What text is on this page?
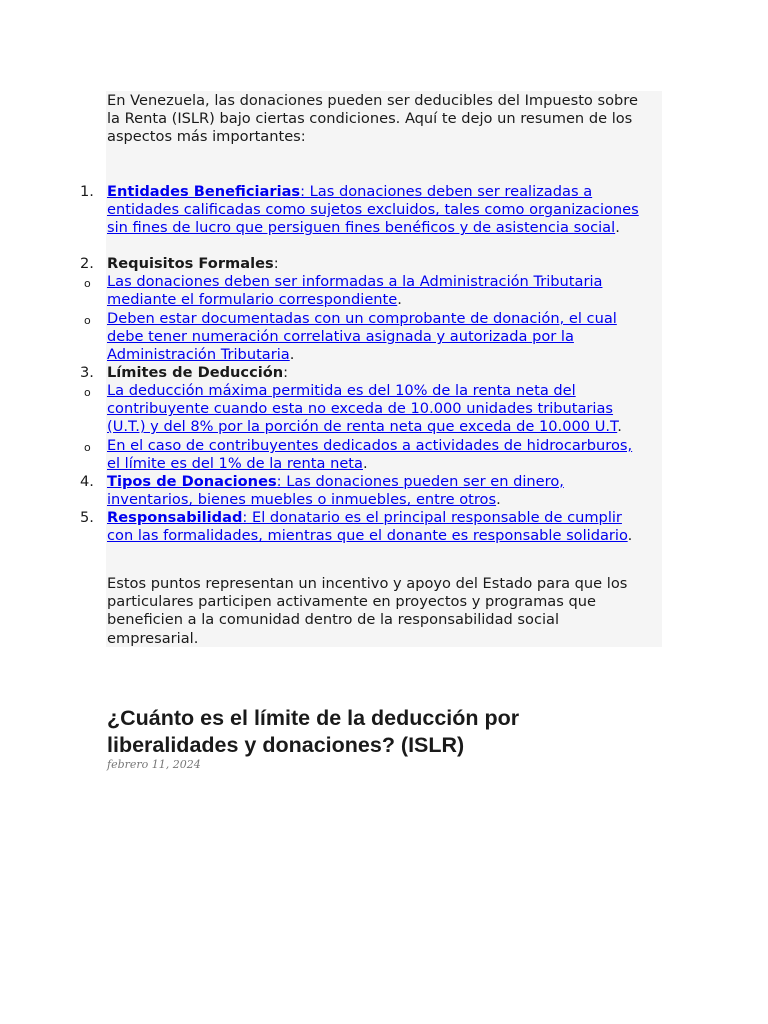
En Venezuela, las donaciones pueden ser deducibles del Impuesto sobre
la Renta (ISLR) bajo ciertas condiciones. Aquí te dejo un resumen de los
aspectos más importantes:
1. Entidades Beneficiarias: Las donaciones deben ser realizadas a
entidades calificadas como sujetos excluidos, tales como organizaciones
sin fines de lucro que persiguen fines benéficos y de asistencia social.
2. Requisitos Formales:
o Las donaciones deben ser informadas a la Administración Tributaria
mediante el formulario correspondiente.
o Deben estar documentadas con un comprobante de donación, el cual
debe tener numeración correlativa asignada y autorizada por la
Administración Tributaria.
3. Límites de Deducción:
o La deducción máxima permitida es del 10% de la renta neta del
contribuyente cuando esta no exceda de 10.000 unidades tributarias
(U.T.) y del 8% por la porción de renta neta que exceda de 10.000 U.T.
o En el caso de contribuyentes dedicados a actividades de hidrocarburos,
el límite es del 1% de la renta neta.
4. Tipos de Donaciones: Las donaciones pueden ser en dinero,
inventarios, bienes muebles o inmuebles, entre otros.
5. Responsabilidad: El donatario es el principal responsable de cumplir
con las formalidades, mientras que el donante es responsable solidario.
Estos puntos representan un incentivo y apoyo del Estado para que los
particulares participen activamente en proyectos y programas que
beneficien a la comunidad dentro de la responsabilidad social
empresarial.
¿Cuánto es el límite de la deducción por
liberalidades y donaciones? (ISLR)
febrero 11, 2024
